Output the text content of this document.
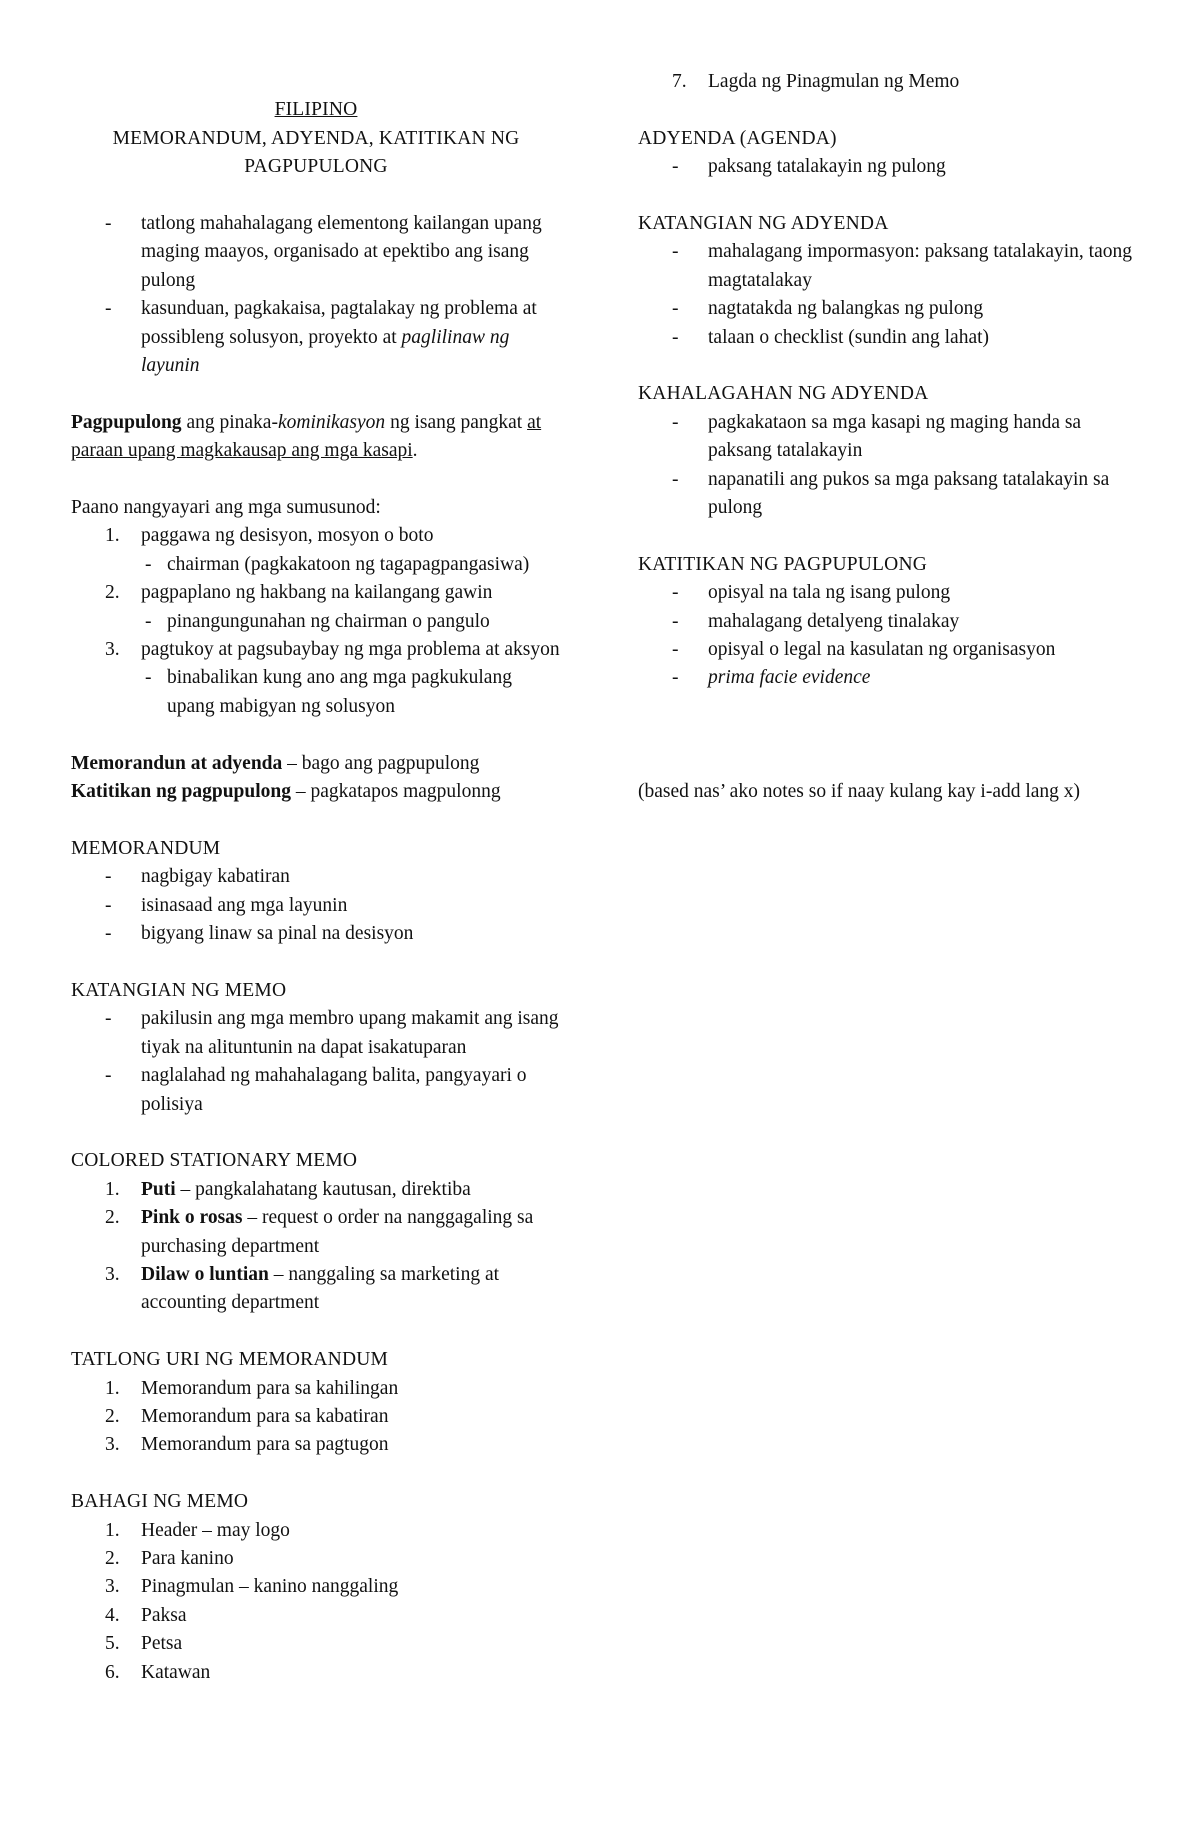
FILIPINO
MEMORANDUM, ADYENDA, KATITIKAN NG PAGPUPULONG
- tatlong mahahalagang elementong kailangan upang maging maayos, organisado at epektibo ang isang pulong
- kasunduan, pagkakaisa, pagtalakay ng problema at possibleng solusyon, proyekto at paglilinaw ng layunin

Pagpupulong ang pinaka-kominikasyon ng isang pangkat at paraan upang magkakausap ang mga kasapi.

Paano nangyayari ang mga sumusunod:

1. paggawa ng desisyon, mosyon o boto
- chairman (pagkakatoon ng tagapagpangasiwa)
2. pagpaplano ng hakbang na kailangang gawin
- pinangungunahan ng chairman o pangulo
3. pagtukoy at pagsubaybay ng mga problema at aksyon
- binabalikan kung ano ang mga pagkukulang upang mabigyan ng solusyon

Memorandun at adyenda – bago ang pagpupulong

Katitikan ng pagpupulong – pagkatapos magpulonng

MEMORANDUM
- nagbigay kabatiran
- isinasaad ang mga layunin
- bigyang linaw sa pinal na desisyon
KATANGIAN NG MEMO
- pakilusin ang mga membro upang makamit ang isang tiyak na alituntunin na dapat isakatuparan
- naglalahad ng mahahalagang balita, pangyayari o polisiya
COLORED STATIONARY MEMO
1. Puti – pangkalahatang kautusan, direktiba
2. Pink o rosas – request o order na nanggagaling sa purchasing department
3. Dilaw o luntian – nanggaling sa marketing at accounting department
TATLONG URI NG MEMORANDUM
1. Memorandum para sa kahilingan
2. Memorandum para sa kabatiran
3. Memorandum para sa pagtugon
BAHAGI NG MEMO
1. Header – may logo
2. Para kanino
3. Pinagmulan – kanino nanggaling
4. Paksa
5. Petsa
6. Katawan
7. Lagda ng Pinagmulan ng Memo
ADYENDA (AGENDA)
- paksang tatalakayin ng pulong
KATANGIAN NG ADYENDA
- mahalagang impormasyon: paksang tatalakayin, taong magtatalakay
- nagtatakda ng balangkas ng pulong
- talaan o checklist (sundin ang lahat)
KAHALAGAHAN NG ADYENDA
- pagkakataon sa mga kasapi ng maging handa sa paksang tatalakayin
- napanatili ang pukos sa mga paksang tatalakayin sa pulong
KATITIKAN NG PAGPUPULONG
- opisyal na tala ng isang pulong
- mahalagang detalyeng tinalakay
- opisyal o legal na kasulatan ng organisasyon
- prima facie evidence

(based nas’ ako notes so if naay kulang kay i-add lang x)
